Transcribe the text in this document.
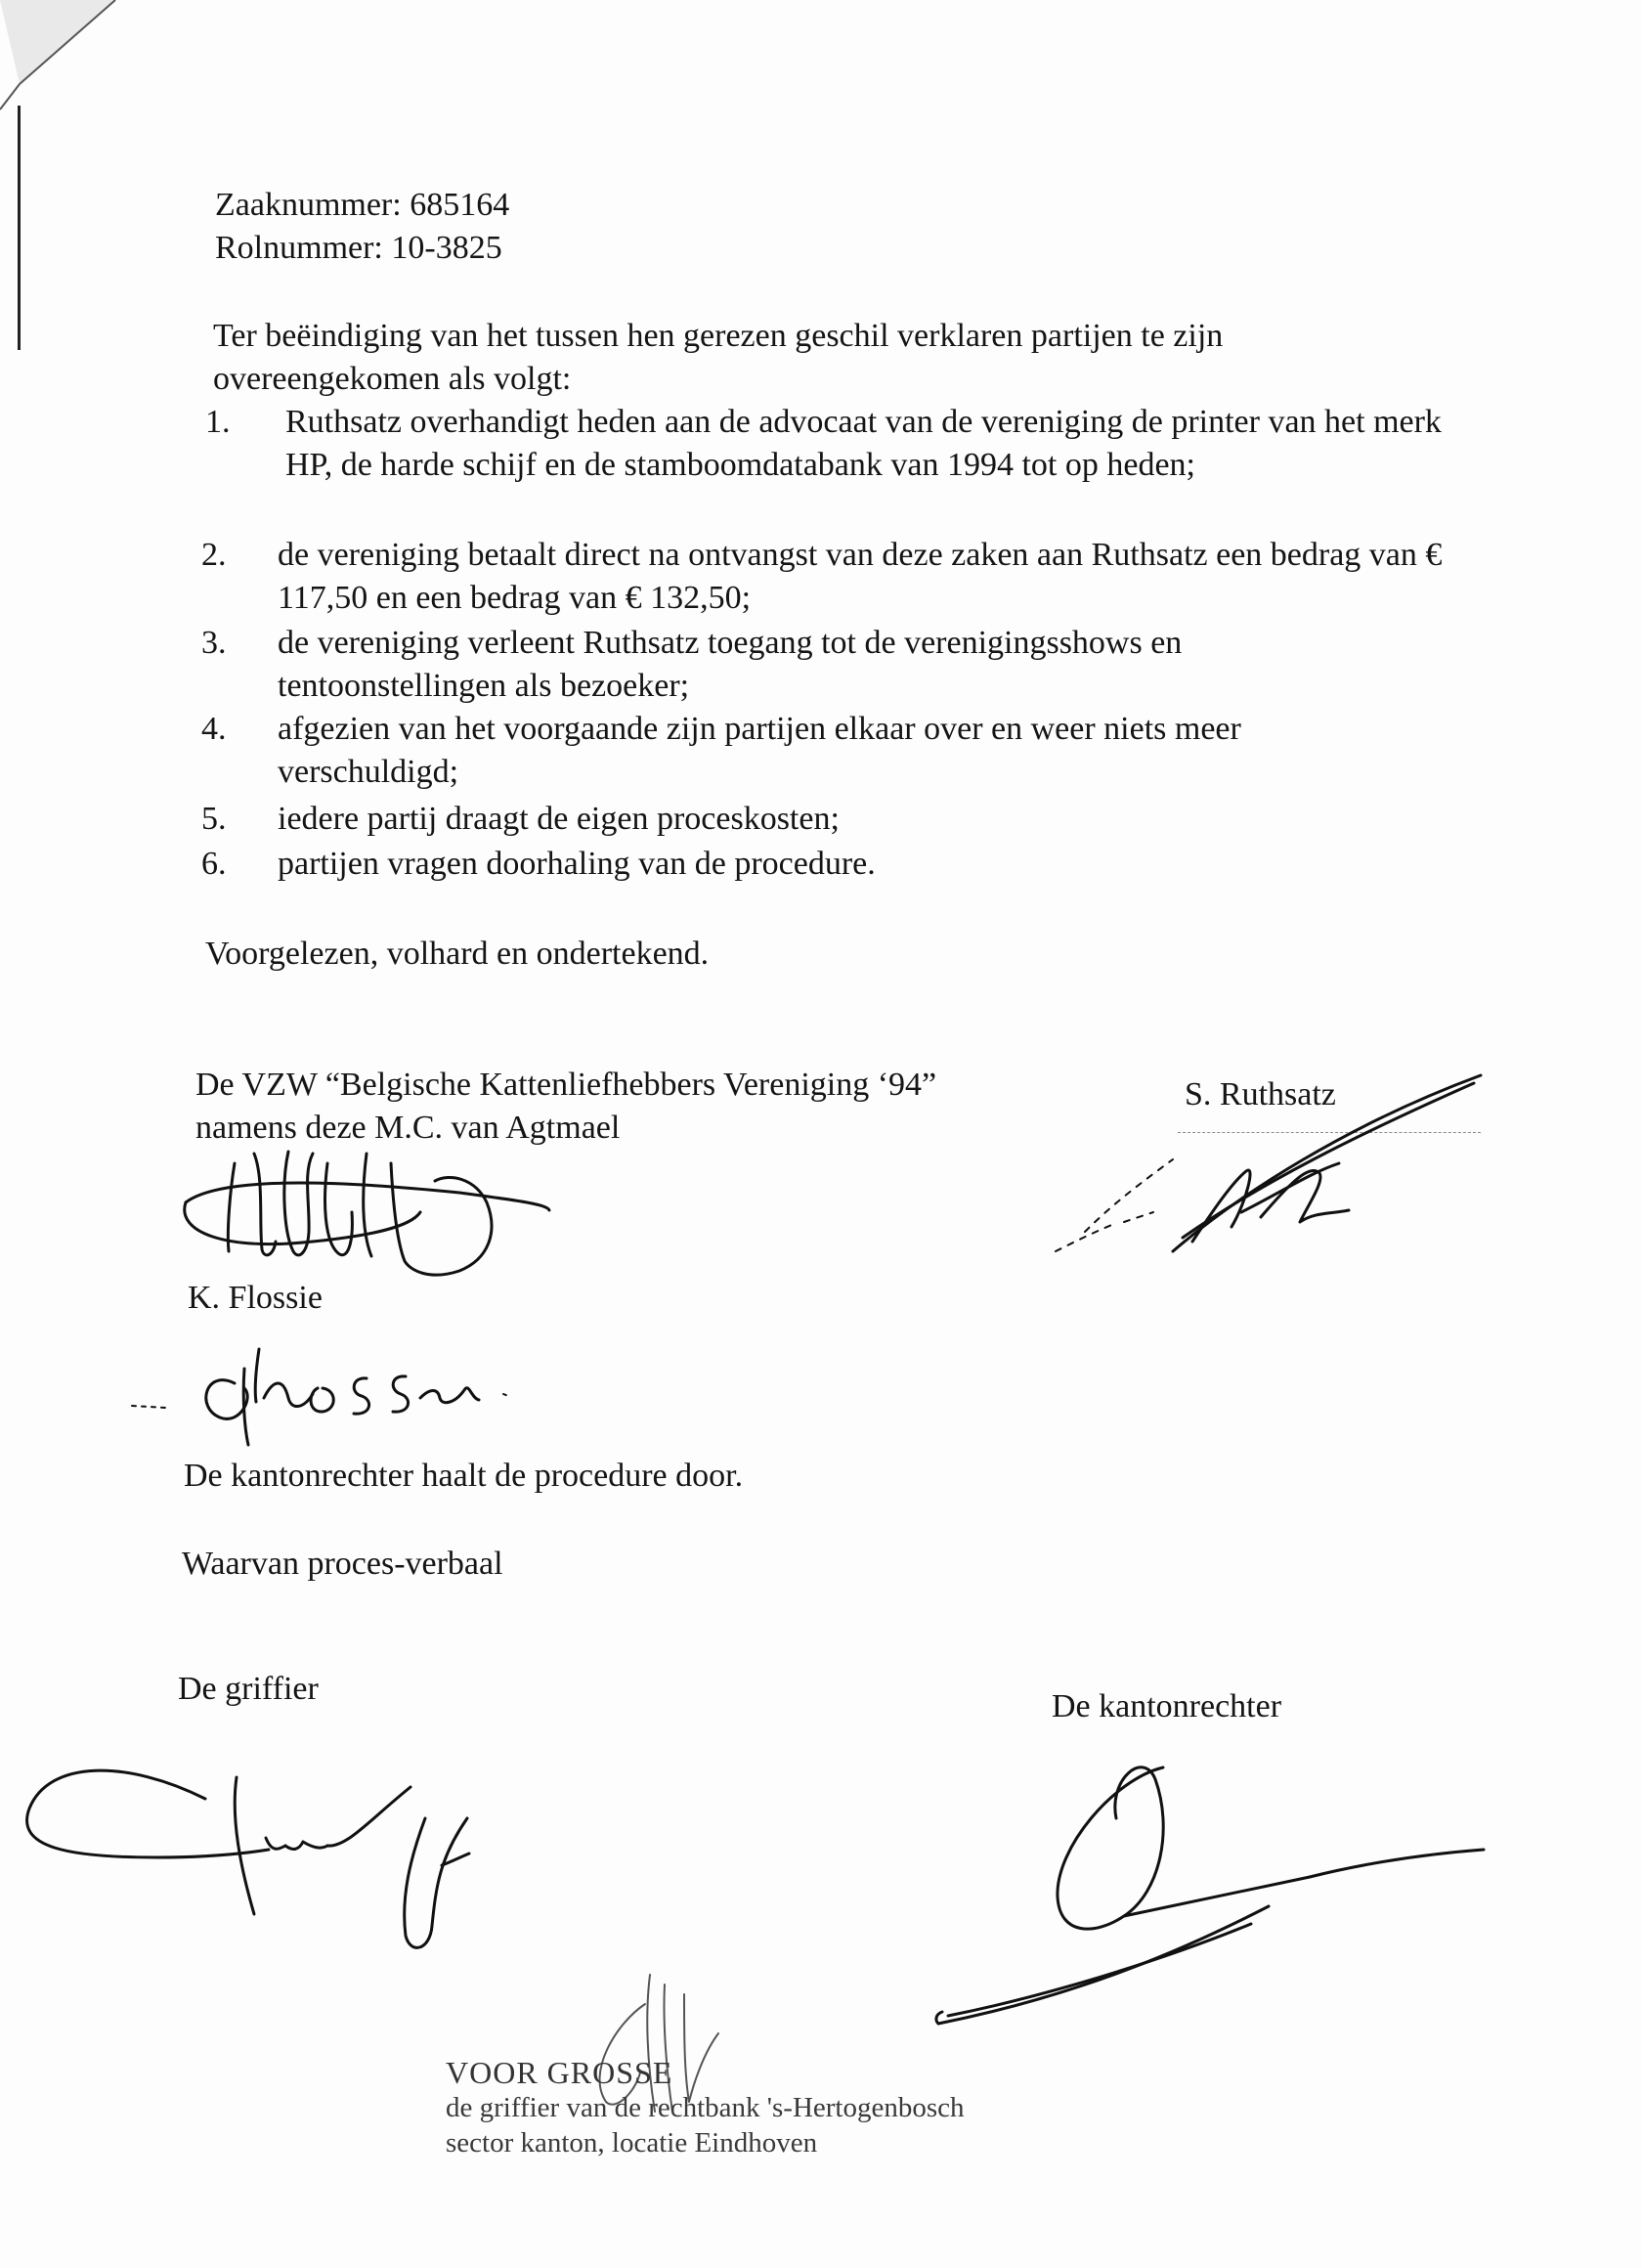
Zaaknummer: 685164
Rolnummer: 10-3825
Ter beëindiging van het tussen hen gerezen geschil verklaren partijen te zijn overeengekomen als volgt:
1.	Ruthsatz overhandigt heden aan de advocaat van de vereniging de printer van het merk HP, de harde schijf en de stamboomdatabank van 1994 tot op heden;
2.	de vereniging betaalt direct na ontvangst van deze zaken aan Ruthsatz een bedrag van € 117,50 en een bedrag van € 132,50;
3.	de vereniging verleent Ruthsatz toegang tot de verenigingsshows en tentoonstellingen als bezoeker;
4.	afgezien van het voorgaande zijn partijen elkaar over en weer niets meer verschuldigd;
5.	iedere partij draagt de eigen proceskosten;
6.	partijen vragen doorhaling van de procedure.
Voorgelezen, volhard en ondertekend.
De VZW “Belgische Kattenliefhebbers Vereniging ‘94”
namens deze M.C. van Agtmael
S. Ruthsatz
K. Flossie
De kantonrechter haalt de procedure door.
Waarvan proces-verbaal
De griffier	De kantonrechter
VOOR GROSSE
de griffier van de rechtbank 's-Hertogenbosch
sector kanton, locatie Eindhoven
